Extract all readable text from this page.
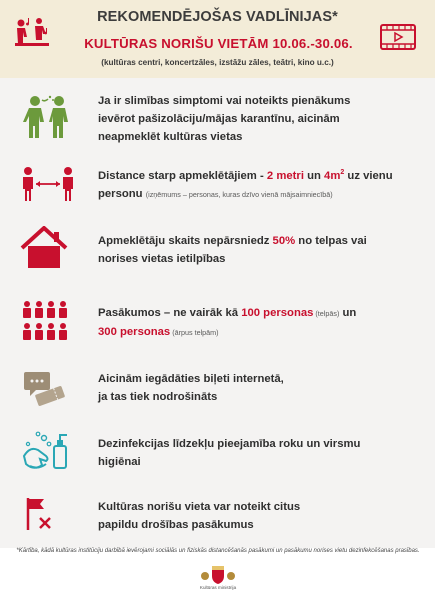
REKOMENDĒJOŠAS VADLĪNIJAS*
KULTŪRAS NORIŠU VIETĀM 10.06.-30.06.
(kultūras centri, koncertzāles, izstāžu zāles, teātri, kino u.c.)
Ja ir slimības simptomi vai noteikts pienākums
ievērot pašizolāciju/mājas karantīnu, aicinām
neapmeklēt kultūras vietas
Distance starp apmeklētājiem - 2 metri un $4m^2$ uz vienu
personu (izņēmums – personas, kuras dzīvo vienā mājsaimniecībā)
Apmeklētāju skaits nepārsniedz 50% no telpas vai
norises vietas ietilpības
Pasākumos – ne vairāk kā 100 personas (telpās) un
300 personas (ārpus telpām)
Aicinām iegādāties biļeti internetā,
ja tas tiek nodrošināts
Dezinfekcijas līdzekļu pieejamība roku un virsmu
higiēnai
Kultūras norišu vieta var noteikt citus
papildu drošības pasākumus
*Kārtība, kādā kultūras institūciju darbībā ievērojami sociālās un fiziskās distancēšanās pasākumi un pasākumu norises vietu dezinfekcēšanas prasības.
Kultūras ministrija
